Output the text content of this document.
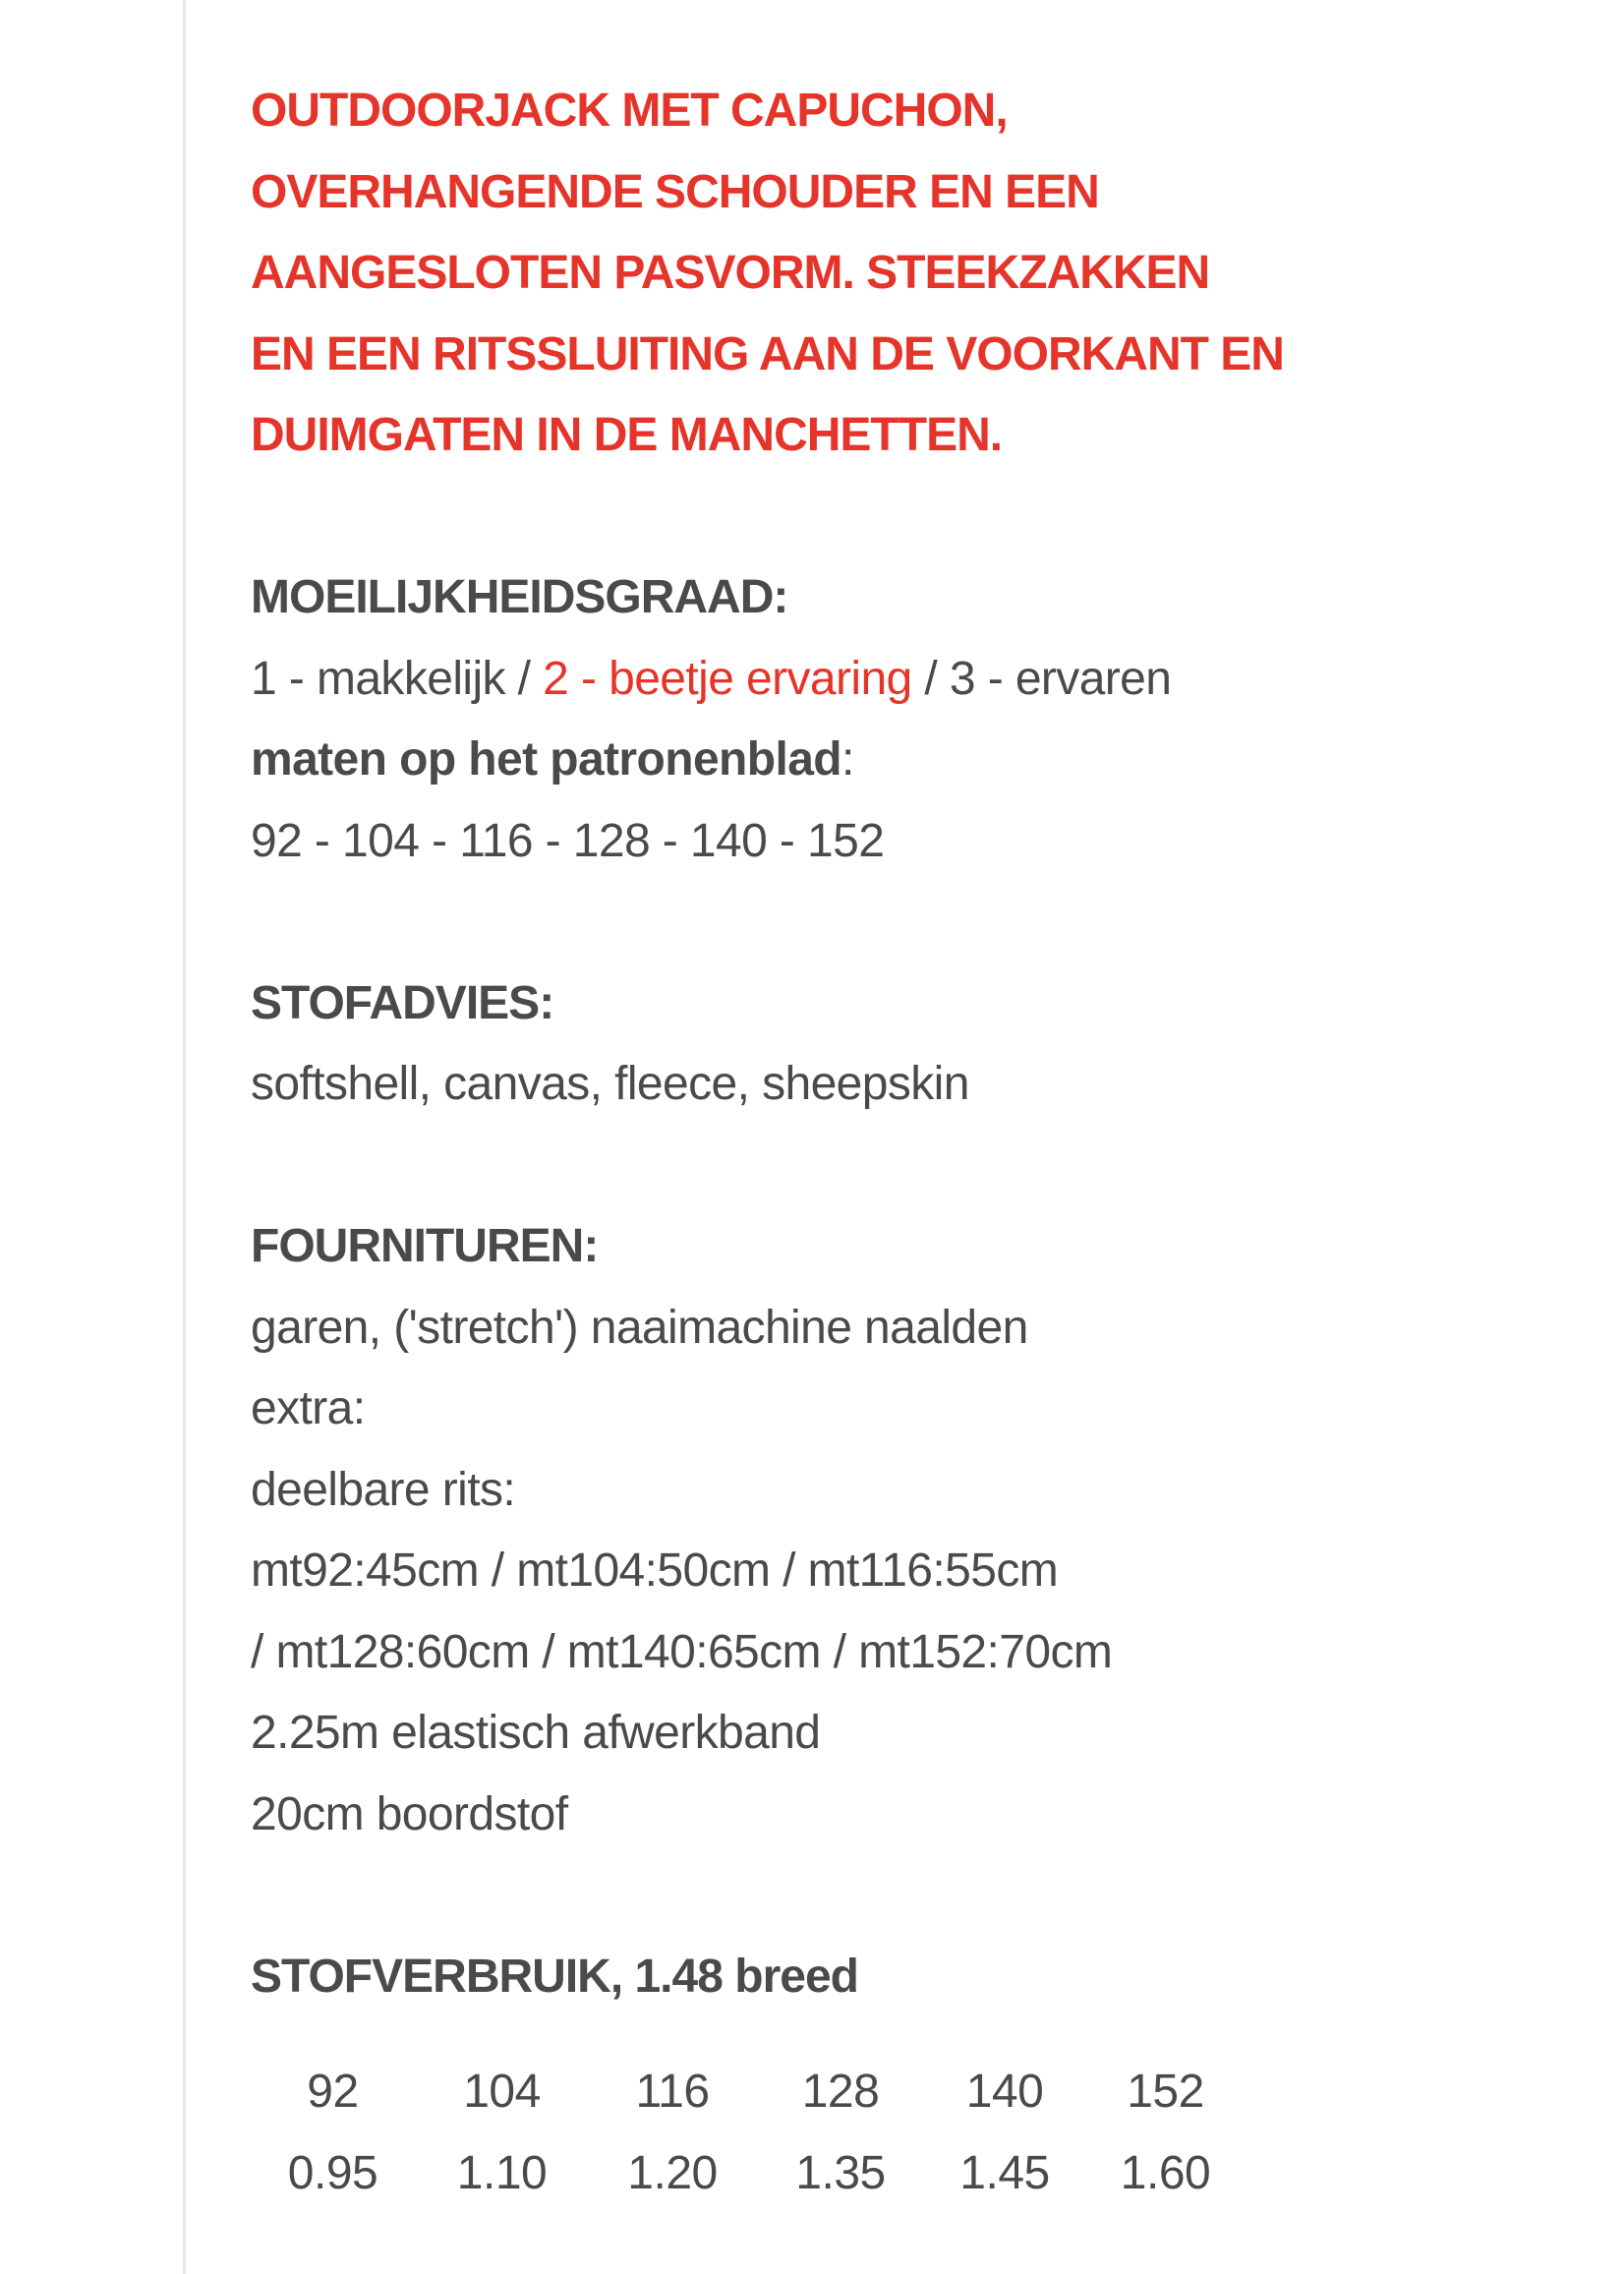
OUTDOORJACK MET CAPUCHON,
OVERHANGENDE SCHOUDER EN EEN
AANGESLOTEN PASVORM. STEEKZAKKEN
EN EEN RITSSLUITING AAN DE VOORKANT EN
DUIMGATEN IN DE MANCHETTEN.
MOEILIJKHEIDSGRAAD:
1 - makkelijk / 2 - beetje ervaring / 3 - ervaren
maten op het patronenblad:
92 - 104 - 116 - 128 - 140 - 152
STOFADVIES:
softshell, canvas, fleece, sheepskin
FOURNITUREN:
garen, ('stretch') naaimachine naalden
extra:
deelbare rits:
mt92:45cm / mt104:50cm / mt116:55cm
/ mt128:60cm / mt140:65cm / mt152:70cm
2.25m elastisch afwerkband
20cm boordstof
STOFVERBRUIK, 1.48 breed
92	104	116	128	140	152
0.95	1.10	1.20	1.35	1.45	1.60
